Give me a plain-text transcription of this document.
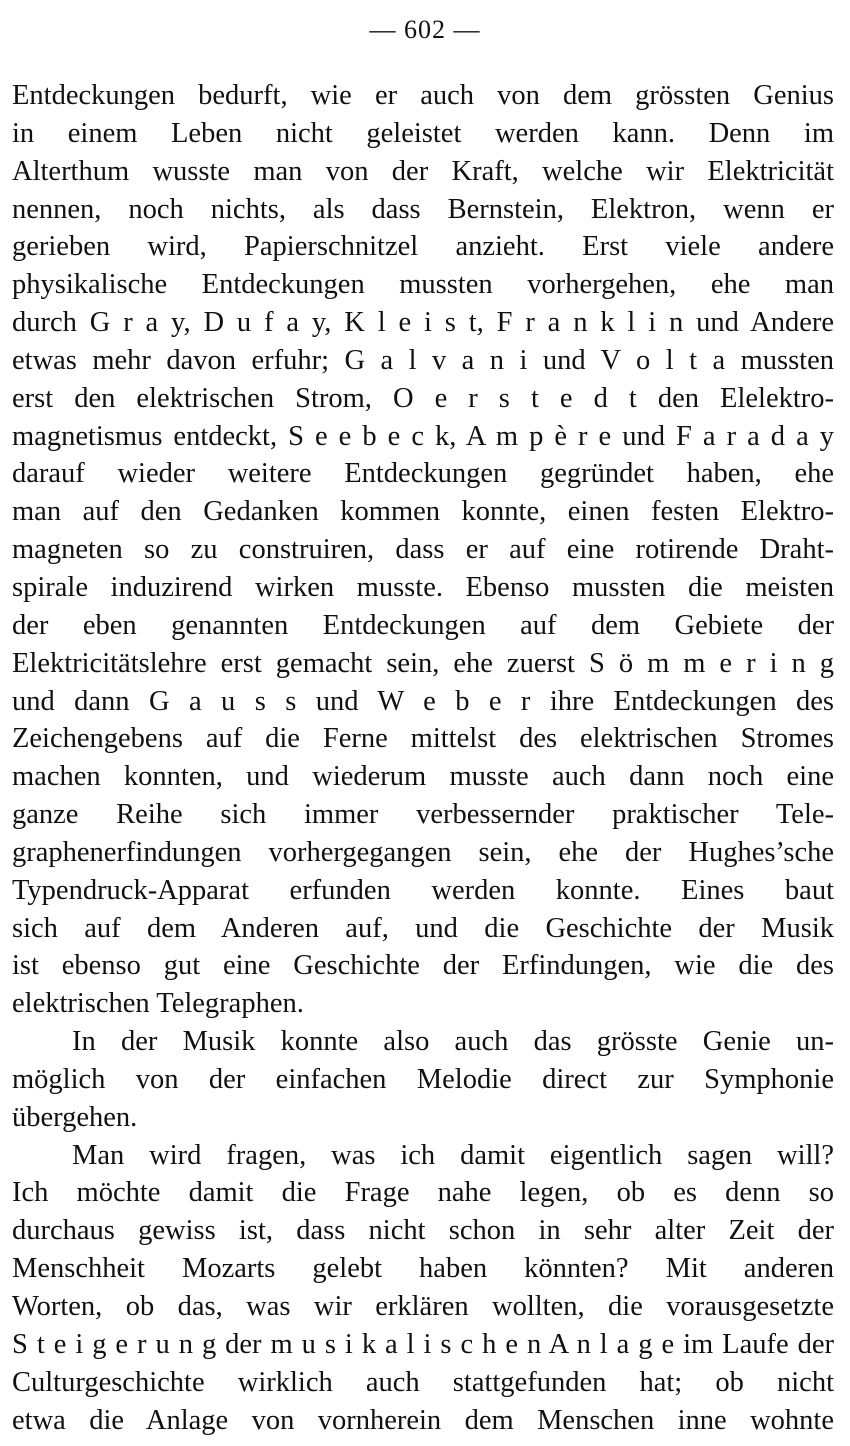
— 602 —
Entdeckungen bedurft, wie er auch von dem grössten Genius
in einem Leben nicht geleistet werden kann. Denn im
Alterthum wusste man von der Kraft, welche wir Elektricität
nennen, noch nichts, als dass Bernstein, Elektron, wenn er
gerieben wird, Papierschnitzel anzieht. Erst viele andere
physikalische Entdeckungen mussten vorhergehen, ehe man
durch G r a y, D u f a y, K l e i s t, F r a n k l i n und Andere
etwas mehr davon erfuhr; G a l v a n i und V o l t a mussten
erst den elektrischen Strom, O e r s t e d t den Elelektro-
magnetismus entdeckt, S e e b e c k, A m p è r e und F a r a d a y
darauf wieder weitere Entdeckungen gegründet haben, ehe
man auf den Gedanken kommen konnte, einen festen Elektro-
magneten so zu construiren, dass er auf eine rotirende Draht-
spirale induzirend wirken musste. Ebenso mussten die meisten
der eben genannten Entdeckungen auf dem Gebiete der
Elektricitätslehre erst gemacht sein, ehe zuerst S ö m m e r i n g
und dann G a u s s und W e b e r ihre Entdeckungen des
Zeichengebens auf die Ferne mittelst des elektrischen Stromes
machen konnten, und wiederum musste auch dann noch eine
ganze Reihe sich immer verbessernder praktischer Tele-
graphenerfindungen vorhergegangen sein, ehe der Hughes’sche
Typendruck-Apparat erfunden werden konnte. Eines baut
sich auf dem Anderen auf, und die Geschichte der Musik
ist ebenso gut eine Geschichte der Erfindungen, wie die des
elektrischen Telegraphen.
In der Musik konnte also auch das grösste Genie un-
möglich von der einfachen Melodie direct zur Symphonie
übergehen.
Man wird fragen, was ich damit eigentlich sagen will?
Ich möchte damit die Frage nahe legen, ob es denn so
durchaus gewiss ist, dass nicht schon in sehr alter Zeit der
Menschheit Mozarts gelebt haben könnten? Mit anderen
Worten, ob das, was wir erklären wollten, die vorausgesetzte
S t e i g e r u n g der m u s i k a l i s c h e n A n l a g e im Laufe der
Culturgeschichte wirklich auch stattgefunden hat; ob nicht
etwa die Anlage von vornherein dem Menschen inne wohnte
